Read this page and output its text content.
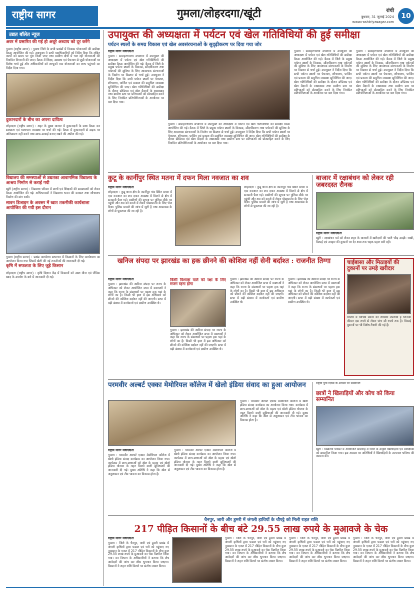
राष्ट्रीय सागर	गुमला/लोहरदगा/खूंटी	रांची
बुधवार, 31 जुलाई 2024
www.rashtriyasagar.com
10
उद्यत बॉलेत न्यूज
अवर में प्रसारित की गई हो अधूरे अध्याय को दूर करेंगे
गुमला (राष्ट्रीय सागर) : गुमला जिले के सभी प्रखंडों में विकास योजनाओं की समीक्षा बैठक आयोजित की गई। उपायुक्त ने सभी पदाधिकारियों को निर्देश दिया कि लंबित कार्यों को समय पर पूरा किया जाए तथा ग्रामीण क्षेत्रों में चल रही योजनाओं की नियमित निगरानी की जाए। बैठक में शिक्षा, स्वास्थ्य एवं पेयजल से जुड़ी योजनाओं पर विशेष चर्चा हुई और अधिकारियों को लाभुकों तक योजनाओं का लाभ पहुंचाने का निर्देश दिया गया।
दुकानदारों के बीच का अपना दायित्व
लोहरदगा (राष्ट्रीय सागर) : शहर के मुख्य बाजार में दुकानदारों के साथ बैठक कर स्वच्छता एवं यातायात व्यवस्था पर चर्चा की गई। बैठक में दुकानदारों से सड़क पर अतिक्रमण नहीं करने तथा साफ-सफाई बनाए रखने की अपील की गई।
विद्यालय की समस्याओं से उद्यतका आवागमिक विद्यालय के आश्रय निर्माण से कराई गयी
खूंटी (राष्ट्रीय सागर) : विद्यालय परिसर में छात्रों एवं शिक्षकों की समस्याओं को लेकर बैठक आयोजित की गई। अभिभावकों ने विद्यालय भवन की मरम्मत तथा शौचालय निर्माण की मांग रखी।
सावन डिजाइन के अवसर में खात तकनीकी कार्यशाला आयोजित की गयी इस दौरान
गुमला (राष्ट्रीय सागर) : प्रखंड कार्यालय सभागार में किसानों के लिए कार्यशाला का आयोजन किया गया जिसमें खेती की नई तकनीकों की जानकारी दी गई।
कृषि में सफलता के लिए जुड़े किसान
लोहरदगा (राष्ट्रीय सागर) : कृषि विज्ञान केंद्र में किसानों को उन्नत बीज एवं जैविक खाद के उपयोग के बारे में जानकारी दी गई।
उपायुक्त की अध्यक्षता में पर्यटन एवं खेल गतिविधियों की हुई समीक्षा
पर्यटन स्थलों के समग्र विकास एवं खेल अवसंरचनाओं के सुदृढ़ीकरण पर दिया गया जोर
राष्ट्रीय सागर संवाददाता
गुमला : समाहरणालय सभागार में उपायुक्त की अध्यक्षता में पर्यटन एवं खेल गतिविधियों की समीक्षा बैठक आयोजित की गई। बैठक में जिले के प्रमुख पर्यटन स्थलों के विकास, सौंदर्यीकरण तथा पर्यटकों की सुविधा के लिए आवश्यक संरचनाओं के निर्माण पर विस्तार से चर्चा हुई। उपायुक्त ने निर्देश दिया कि सभी पर्यटन स्थलों पर पेयजल, शौचालय, पार्किंग एवं प्रकाश की समुचित व्यवस्था सुनिश्चित की जाए। खेल गतिविधियों की समीक्षा के दौरान स्टेडियम एवं खेल मैदानों के रखरखाव तथा ग्रामीण स्तर पर प्रतिभाओं को प्रोत्साहित करने के लिए नियमित प्रतियोगिताओं के आयोजन पर बल दिया गया।
गुमला : समाहरणालय सभागार में उपायुक्त की अध्यक्षता में पर्यटन एवं खेल गतिविधियों की समीक्षा बैठक आयोजित की गई। बैठक में जिले के प्रमुख पर्यटन स्थलों के विकास, सौंदर्यीकरण तथा पर्यटकों की सुविधा के लिए आवश्यक संरचनाओं के निर्माण पर विस्तार से चर्चा हुई। उपायुक्त ने निर्देश दिया कि सभी पर्यटन स्थलों पर पेयजल, शौचालय, पार्किंग एवं प्रकाश की समुचित व्यवस्था सुनिश्चित की जाए। खेल गतिविधियों की समीक्षा के दौरान स्टेडियम एवं खेल मैदानों के रखरखाव तथा ग्रामीण स्तर पर प्रतिभाओं को प्रोत्साहित करने के लिए नियमित प्रतियोगिताओं के आयोजन पर बल दिया गया।
गुमला : समाहरणालय सभागार में उपायुक्त की अध्यक्षता में पर्यटन एवं खेल गतिविधियों की समीक्षा बैठक आयोजित की गई। बैठक में जिले के प्रमुख पर्यटन स्थलों के विकास, सौंदर्यीकरण तथा पर्यटकों की सुविधा के लिए आवश्यक संरचनाओं के निर्माण पर विस्तार से चर्चा हुई। उपायुक्त ने निर्देश दिया कि सभी पर्यटन स्थलों पर पेयजल, शौचालय, पार्किंग एवं प्रकाश की समुचित व्यवस्था सुनिश्चित की जाए। खेल गतिविधियों की समीक्षा के दौरान स्टेडियम एवं खेल मैदानों के रखरखाव तथा ग्रामीण स्तर पर प्रतिभाओं को प्रोत्साहित करने के लिए नियमित प्रतियोगिताओं के आयोजन पर बल दिया गया।
गुमला : समाहरणालय सभागार में उपायुक्त की अध्यक्षता में पर्यटन एवं खेल गतिविधियों की समीक्षा बैठक आयोजित की गई। बैठक में जिले के प्रमुख पर्यटन स्थलों के विकास, सौंदर्यीकरण तथा पर्यटकों की सुविधा के लिए आवश्यक संरचनाओं के निर्माण पर विस्तार से चर्चा हुई। उपायुक्त ने निर्देश दिया कि सभी पर्यटन स्थलों पर पेयजल, शौचालय, पार्किंग एवं प्रकाश की समुचित व्यवस्था सुनिश्चित की जाए। खेल गतिविधियों की समीक्षा के दौरान स्टेडियम एवं खेल मैदानों के रखरखाव तथा ग्रामीण स्तर पर प्रतिभाओं को प्रोत्साहित करने के लिए नियमित प्रतियोगिताओं के आयोजन पर बल दिया गया।
कुटू के कार्नीपुर स्थित मतना में दफन मिला नवजात का शव
राष्ट्रीय सागर संवाददाता
लोहरदगा : कुडू थाना क्षेत्र के कार्नीपुर गांव स्थित मतना में एक नवजात का शव दफन अवस्था में मिलने से क्षेत्र में सनसनी फैल गई। ग्रामीणों की सूचना पर पुलिस मौके पर पहुंची और शव को कब्जे में लेकर पोस्टमार्टम के लिए भेज दिया। पुलिस मामले की जांच में जुटी है तथा आसपास के लोगों से पूछताछ की जा रही है।
लोहरदगा : कुडू थाना क्षेत्र के कार्नीपुर गांव स्थित मतना में एक नवजात का शव दफन अवस्था में मिलने से क्षेत्र में सनसनी फैल गई। ग्रामीणों की सूचना पर पुलिस मौके पर पहुंची और शव को कब्जे में लेकर पोस्टमार्टम के लिए भेज दिया। पुलिस मामले की जांच में जुटी है तथा आसपास के लोगों से पूछताछ की जा रही है।
बाजार में रक्षाबंधन को लेकर रही जबरदस्त रौनक
राष्ट्रीय सागर संवाददाता
खूंटी : रक्षाबंधन पर्व को लेकर शहर के बाजारों में खरीदारों की भारी भीड़ उमड़ी। राखी, मिठाई एवं उपहार की दुकानों पर देर शाम तक चहल-पहल बनी रही।
खनिज संपदा पर झारखंड का हक छीनने की कोशिश नहीं सेनी बर्दाश्त : राजनीत तिग्गा
राष्ट्रीय सागर संवाददाता
गुमला : झारखंड की खनिज संपदा पर राज्य के अधिकार को लेकर आयोजित सभा में वक्ताओं ने कहा कि राज्य के संसाधनों पर पहला हक यहां के लोगों का है। किसी भी हाल में इस अधिकार को छीनने की कोशिश बर्दाश्त नहीं की जाएगी। सभा में बड़ी संख्या में कार्यकर्ता एवं ग्रामीण उपस्थित थे।
किसी विश्वास वाले को रक्षा के लिए सजग रहना होगा
गुमला : झारखंड की खनिज संपदा पर राज्य के अधिकार को लेकर आयोजित सभा में वक्ताओं ने कहा कि राज्य के संसाधनों पर पहला हक यहां के लोगों का है। किसी भी हाल में इस अधिकार को छीनने की कोशिश बर्दाश्त नहीं की जाएगी। सभा में बड़ी संख्या में कार्यकर्ता एवं ग्रामीण उपस्थित थे।
गुमला : झारखंड की खनिज संपदा पर राज्य के अधिकार को लेकर आयोजित सभा में वक्ताओं ने कहा कि राज्य के संसाधनों पर पहला हक यहां के लोगों का है। किसी भी हाल में इस अधिकार को छीनने की कोशिश बर्दाश्त नहीं की जाएगी। सभा में बड़ी संख्या में कार्यकर्ता एवं ग्रामीण उपस्थित थे।
गुमला : झारखंड की खनिज संपदा पर राज्य के अधिकार को लेकर आयोजित सभा में वक्ताओं ने कहा कि राज्य के संसाधनों पर पहला हक यहां के लोगों का है। किसी भी हाल में इस अधिकार को छीनने की कोशिश बर्दाश्त नहीं की जाएगी। सभा में बड़ी संख्या में कार्यकर्ता एवं ग्रामीण उपस्थित थे।
चाईबासा और मिठाइयों की दुकानों पर उमड़े खरीदार
बाजार में विभिन्न प्रकार की राखियां उपलब्ध हैं जिनकी कीमत दस रुपये से लेकर पांच सौ रुपये तक है। मिठाई दुकानों पर भी विशेष तैयारी की गई है।
परमवीर अल्बर्ट एक्का मेमोरियल कॉलेज में खेलो इंडिया संवाद का हुआ आयोजन
राष्ट्रीय सागर संवाददाता
गुमला : परमवीर अल्बर्ट एक्का मेमोरियल कॉलेज में खेलो इंडिया संवाद कार्यक्रम का आयोजन किया गया। कार्यक्रम में छात्र-छात्राओं को खेल के महत्व एवं खेलो इंडिया योजना के तहत मिलने वाली सुविधाओं की जानकारी दी गई। मुख्य अतिथि ने कहा कि खेल से अनुशासन एवं टीम भावना का विकास होता है।
गुमला : परमवीर अल्बर्ट एक्का मेमोरियल कॉलेज में खेलो इंडिया संवाद कार्यक्रम का आयोजन किया गया। कार्यक्रम में छात्र-छात्राओं को खेल के महत्व एवं खेलो इंडिया योजना के तहत मिलने वाली सुविधाओं की जानकारी दी गई। मुख्य अतिथि ने कहा कि खेल से अनुशासन एवं टीम भावना का विकास होता है।
गुमला : परमवीर अल्बर्ट एक्का मेमोरियल कॉलेज में खेलो इंडिया संवाद कार्यक्रम का आयोजन किया गया। कार्यक्रम में छात्र-छात्राओं को खेल के महत्व एवं खेलो इंडिया योजना के तहत मिलने वाली सुविधाओं की जानकारी दी गई। मुख्य अतिथि ने कहा कि खेल से अनुशासन एवं टीम भावना का विकास होता है।
राष्ट्रीय युवा दिवस के अवसर पर सम्मानित
छात्रों ने खिलाड़ियों और कोच को किया सम्मानित
खूंटी : विद्यालय परिसर में आयोजित समारोह में जिले के उत्कृष्ट खिलाड़ियों एवं प्रशिक्षकों को सम्मानित किया गया। इस अवसर पर अतिथियों ने खिलाड़ियों के उज्ज्वल भविष्य की कामना की।
चैनपुर, जारी और डुमरी में जंगली हाथियों के चौपट्टे को मिली राहत राशि
217 पीड़ित किसानों के बीच बंटे 29.55 लाख रुपये के मुआवजे के चेक
राष्ट्रीय सागर संवाददाता
गुमला : जिले के चैनपुर, जारी एवं डुमरी प्रखंड में जंगली हाथियों द्वारा फसल एवं घरों को पहुंचाए गए नुकसान के एवज में 217 पीड़ित किसानों के बीच कुल 29.55 लाख रुपये के मुआवजे का चेक वितरित किया गया। वन विभाग के अधिकारियों ने बताया कि शेष आवेदनों की जांच कर शीघ्र भुगतान किया जाएगा। किसानों ने राहत राशि मिलने पर संतोष व्यक्त किया।
गुमला : जिले के चैनपुर, जारी एवं डुमरी प्रखंड में जंगली हाथियों द्वारा फसल एवं घरों को पहुंचाए गए नुकसान के एवज में 217 पीड़ित किसानों के बीच कुल 29.55 लाख रुपये के मुआवजे का चेक वितरित किया गया। वन विभाग के अधिकारियों ने बताया कि शेष आवेदनों की जांच कर शीघ्र भुगतान किया जाएगा। किसानों ने राहत राशि मिलने पर संतोष व्यक्त किया।
गुमला : जिले के चैनपुर, जारी एवं डुमरी प्रखंड में जंगली हाथियों द्वारा फसल एवं घरों को पहुंचाए गए नुकसान के एवज में 217 पीड़ित किसानों के बीच कुल 29.55 लाख रुपये के मुआवजे का चेक वितरित किया गया। वन विभाग के अधिकारियों ने बताया कि शेष आवेदनों की जांच कर शीघ्र भुगतान किया जाएगा। किसानों ने राहत राशि मिलने पर संतोष व्यक्त किया।
गुमला : जिले के चैनपुर, जारी एवं डुमरी प्रखंड में जंगली हाथियों द्वारा फसल एवं घरों को पहुंचाए गए नुकसान के एवज में 217 पीड़ित किसानों के बीच कुल 29.55 लाख रुपये के मुआवजे का चेक वितरित किया गया। वन विभाग के अधिकारियों ने बताया कि शेष आवेदनों की जांच कर शीघ्र भुगतान किया जाएगा। किसानों ने राहत राशि मिलने पर संतोष व्यक्त किया।
